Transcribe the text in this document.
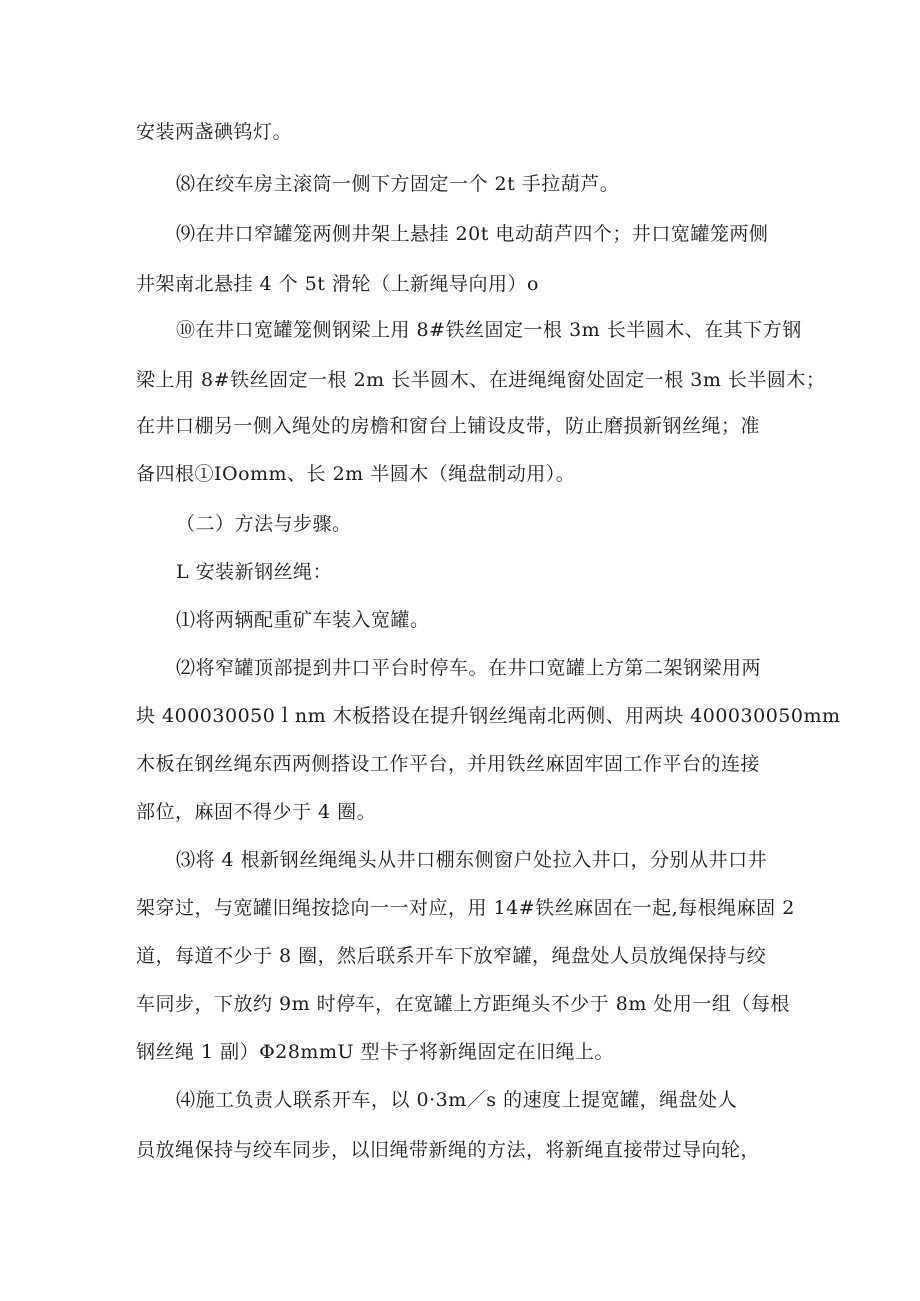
安装两盏碘钨灯。
⑻在绞车房主滚筒一侧下方固定一个 2t 手拉葫芦。
⑼在井口窄罐笼两侧井架上悬挂 20t 电动葫芦四个；井口宽罐笼两侧
井架南北悬挂 4 个 5t 滑轮（上新绳导向用）o
⑩在井口宽罐笼侧钢梁上用 8#铁丝固定一根 3m 长半圆木、在其下方钢
梁上用 8#铁丝固定一根 2m 长半圆木、在进绳绳窗处固定一根 3m 长半圆木；
在井口棚另一侧入绳处的房檐和窗台上铺设皮带，防止磨损新钢丝绳；准
备四根①IOomm、长 2m 半圆木（绳盘制动用）。
（二）方法与步骤。
L 安装新钢丝绳：
⑴将两辆配重矿车装入宽罐。
⑵将窄罐顶部提到井口平台时停车。在井口宽罐上方第二架钢梁用两
块 400030050ｌnm 木板搭设在提升钢丝绳南北两侧、用两块 400030050mm
木板在钢丝绳东西两侧搭设工作平台，并用铁丝麻固牢固工作平台的连接
部位，麻固不得少于 4 圈。
⑶将 4 根新钢丝绳绳头从井口棚东侧窗户处拉入井口，分别从井口井
架穿过，与宽罐旧绳按捻向一一对应，用 14#铁丝麻固在一起,每根绳麻固 2
道，每道不少于 8 圈，然后联系开车下放窄罐，绳盘处人员放绳保持与绞
车同步，下放约 9m 时停车，在宽罐上方距绳头不少于 8m 处用一组（每根
钢丝绳 1 副）Φ28mmU 型卡子将新绳固定在旧绳上。
⑷施工负责人联系开车，以 0·3m／s 的速度上提宽罐，绳盘处人
员放绳保持与绞车同步，以旧绳带新绳的方法，将新绳直接带过导向轮，
